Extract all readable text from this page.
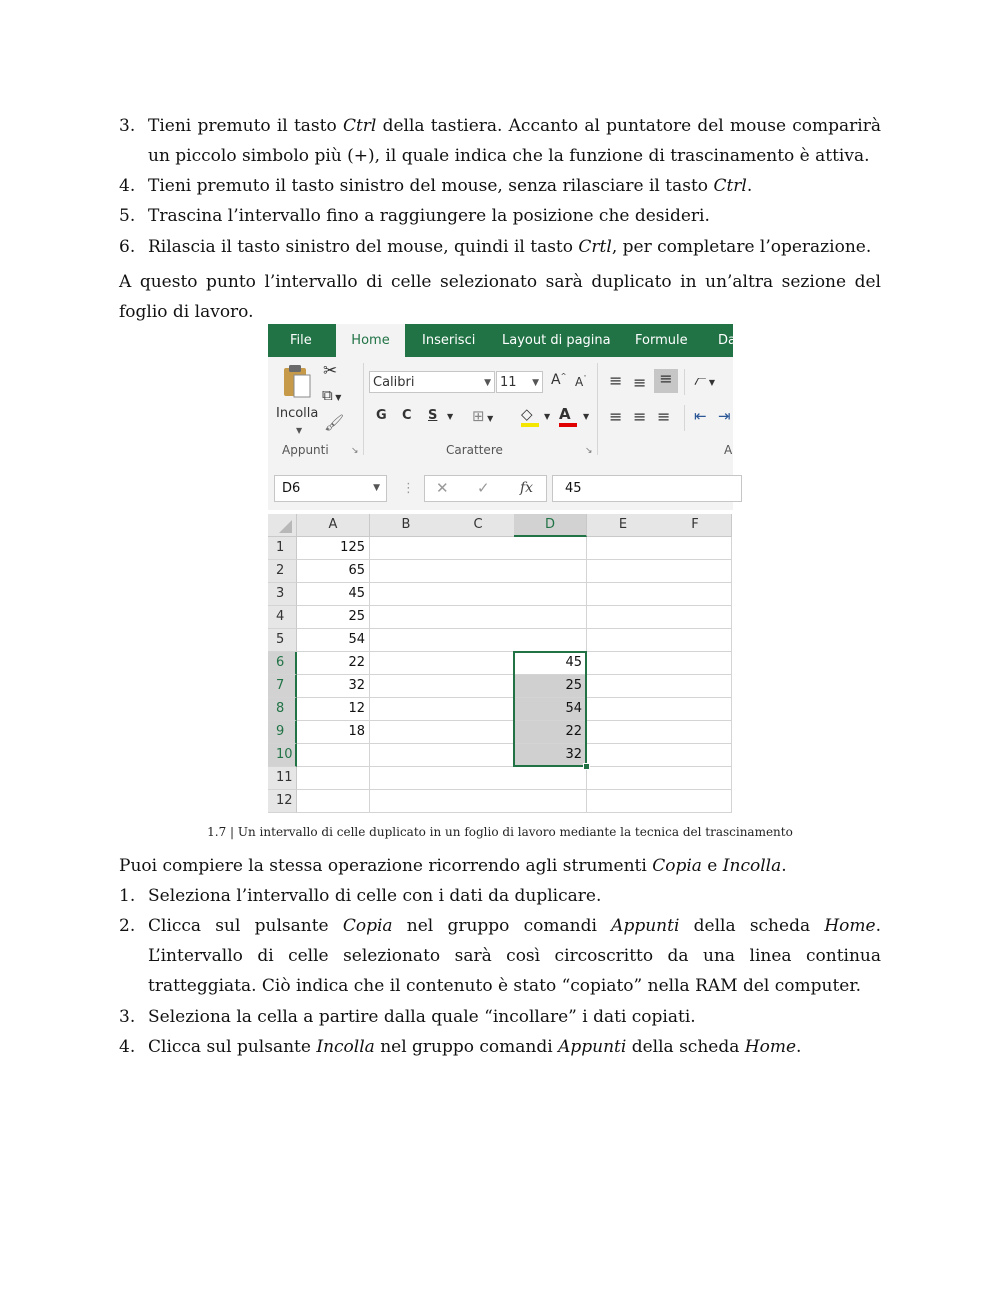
3. Tieni premuto il tasto Ctrl della tastiera. Accanto al puntatore del mouse comparirà un piccolo simbolo più (+), il quale indica che la funzione di trascinamento è attiva.
4. Tieni premuto il tasto sinistro del mouse, senza rilasciare il tasto Ctrl.
5. Trascina l’intervallo fino a raggiungere la posizione che desideri.
6. Rilascia il tasto sinistro del mouse, quindi il tasto Crtl, per completare l’operazione.
A questo punto l’intervallo di celle selezionato sarà duplicato in un’altra sezione del foglio di lavoro.
Puoi compiere la stessa operazione ricorrendo agli strumenti Copia e Incolla.
1. Seleziona l’intervallo di celle con i dati da duplicare.
2. Clicca sul pulsante Copia nel gruppo comandi Appunti della scheda Home. L’intervallo di celle selezionato sarà così circoscritto da una linea continua tratteggiata. Ciò indica che il contenuto è stato “copiato” nella RAM del computer.
3. Seleziona la cella a partire dalla quale “incollare” i dati copiati.
4. Clicca sul pulsante Incolla nel gruppo comandi Appunti della scheda Home.
File	Home	Inserisci Layout di pagina Formule Da
Incolla
▼
✂
⧉ ▼
🖌
Appunti ↘
Calibri	▼ 11 ▼ A^ $A^ˇ$
G C S ▼ ⊞ ▼ ◇	▼ A	▼
Carattere	↘
≡ ≡ ≡	⦧ ▼
≡ ≡ ≡ ⇤ ⇥
A
D6	▼ ⋮ ✕ ✓ fx	45
A	B	C	D	E	F
1	125
2	65
3	45
4	25
5	54
6	22	45
7	32	25
8	12	54
9	18	22
10	32
11
12
1.7 | Un intervallo di celle duplicato in un foglio di lavoro mediante la tecnica del trascinamento
